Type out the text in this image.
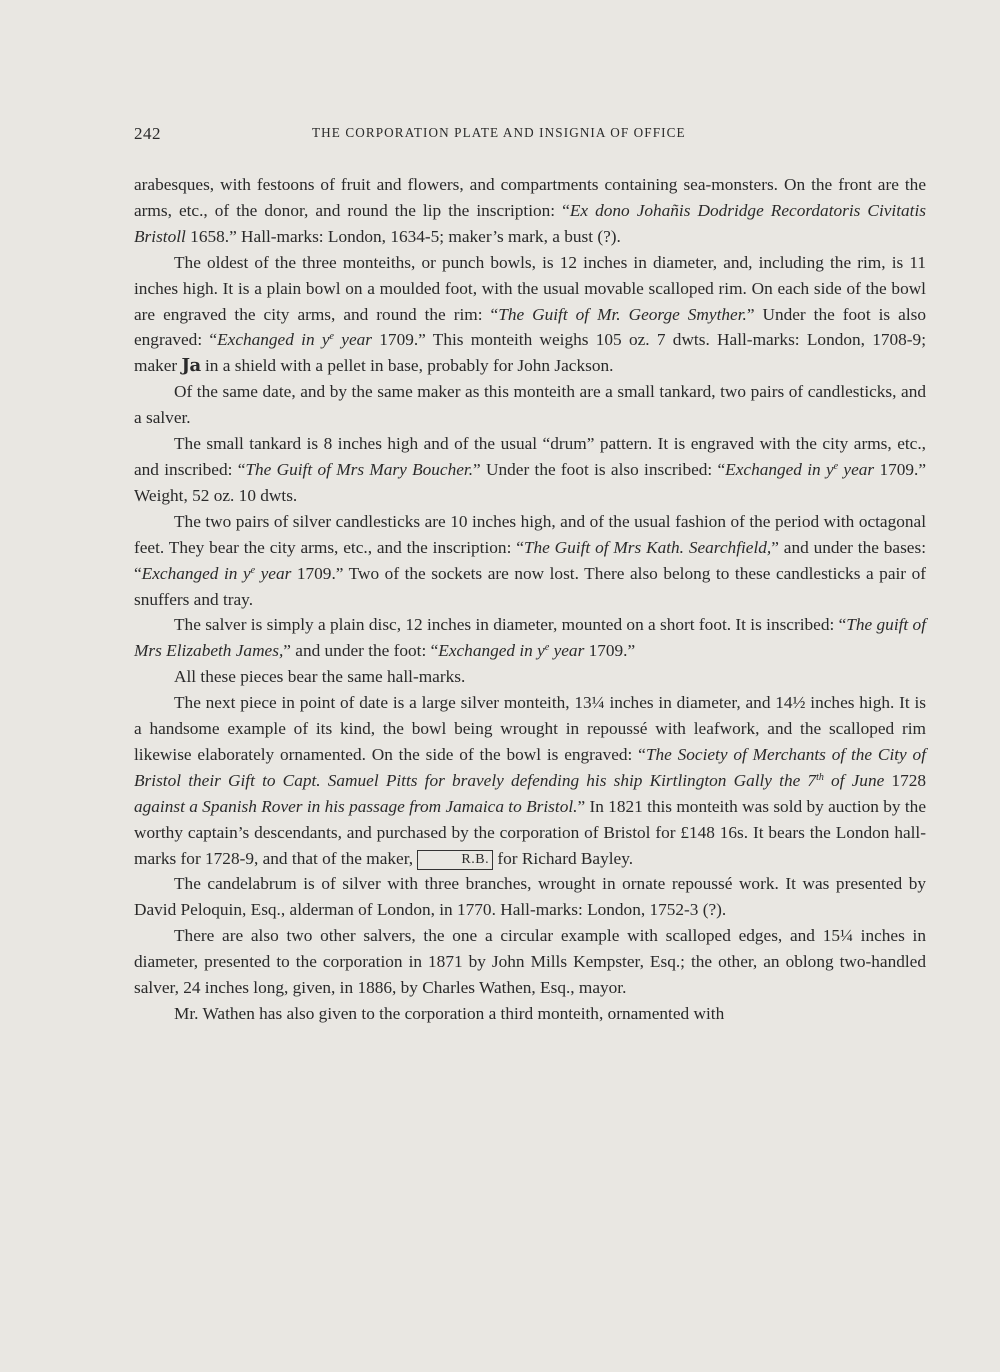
242	THE CORPORATION PLATE AND INSIGNIA OF OFFICE

arabesques, with festoons of fruit and flowers, and compartments containing sea-monsters. On the front are the arms, etc., of the donor, and round the lip the inscription: “Ex dono Johañis Dodridge Recordatoris Civitatis Bristoll 1658.” Hall-marks: London, 1634-5; maker’s mark, a bust (?).

The oldest of the three monteiths, or punch bowls, is 12 inches in diameter, and, including the rim, is 11 inches high. It is a plain bowl on a moulded foot, with the usual movable scalloped rim. On each side of the bowl are engraved the city arms, and round the rim: “The Guift of Mr. George Smyther.” Under the foot is also engraved: “Exchanged in $y^e$ year 1709.” This monteith weighs 105 oz. 7 dwts. Hall-marks: London, 1708-9; maker Ja in a shield with a pellet in base, probably for John Jackson.

Of the same date, and by the same maker as this monteith are a small tankard, two pairs of candlesticks, and a salver.

The small tankard is 8 inches high and of the usual “drum” pattern. It is engraved with the city arms, etc., and inscribed: “The Guift of Mrs Mary Boucher.” Under the foot is also inscribed: “Exchanged in $y^e$ year 1709.” Weight, 52 oz. 10 dwts.

The two pairs of silver candlesticks are 10 inches high, and of the usual fashion of the period with octagonal feet. They bear the city arms, etc., and the inscription: “The Guift of Mrs Kath. Searchfield,” and under the bases: “Exchanged in $y^e$ year 1709.” Two of the sockets are now lost. There also belong to these candlesticks a pair of snuffers and tray.

The salver is simply a plain disc, 12 inches in diameter, mounted on a short foot. It is inscribed: “The guift of Mrs Elizabeth James,” and under the foot: “Exchanged in $y^e$ year 1709.”

All these pieces bear the same hall-marks.

The next piece in point of date is a large silver monteith, 13¼ inches in diameter, and 14½ inches high. It is a handsome example of its kind, the bowl being wrought in repoussé with leafwork, and the scalloped rim likewise elaborately ornamented. On the side of the bowl is engraved: “The Society of Merchants of the City of Bristol their Gift to Capt. Samuel Pitts for bravely defending his ship Kirtlington Gally the 7th of June 1728 against a Spanish Rover in his passage from Jamaica to Bristol.” In 1821 this monteith was sold by auction by the worthy captain’s descendants, and purchased by the corporation of Bristol for £148 16s. It bears the London hall-marks for 1728-9, and that of the maker,	R.B. for Richard Bayley.

The candelabrum is of silver with three branches, wrought in ornate repoussé work. It was presented by David Peloquin, Esq., alderman of London, in 1770. Hall-marks: London, 1752-3 (?).

There are also two other salvers, the one a circular example with scalloped edges, and 15¼ inches in diameter, presented to the corporation in 1871 by John Mills Kempster, Esq.; the other, an oblong two-handled salver, 24 inches long, given, in 1886, by Charles Wathen, Esq., mayor.

Mr. Wathen has also given to the corporation a third monteith, ornamented with
